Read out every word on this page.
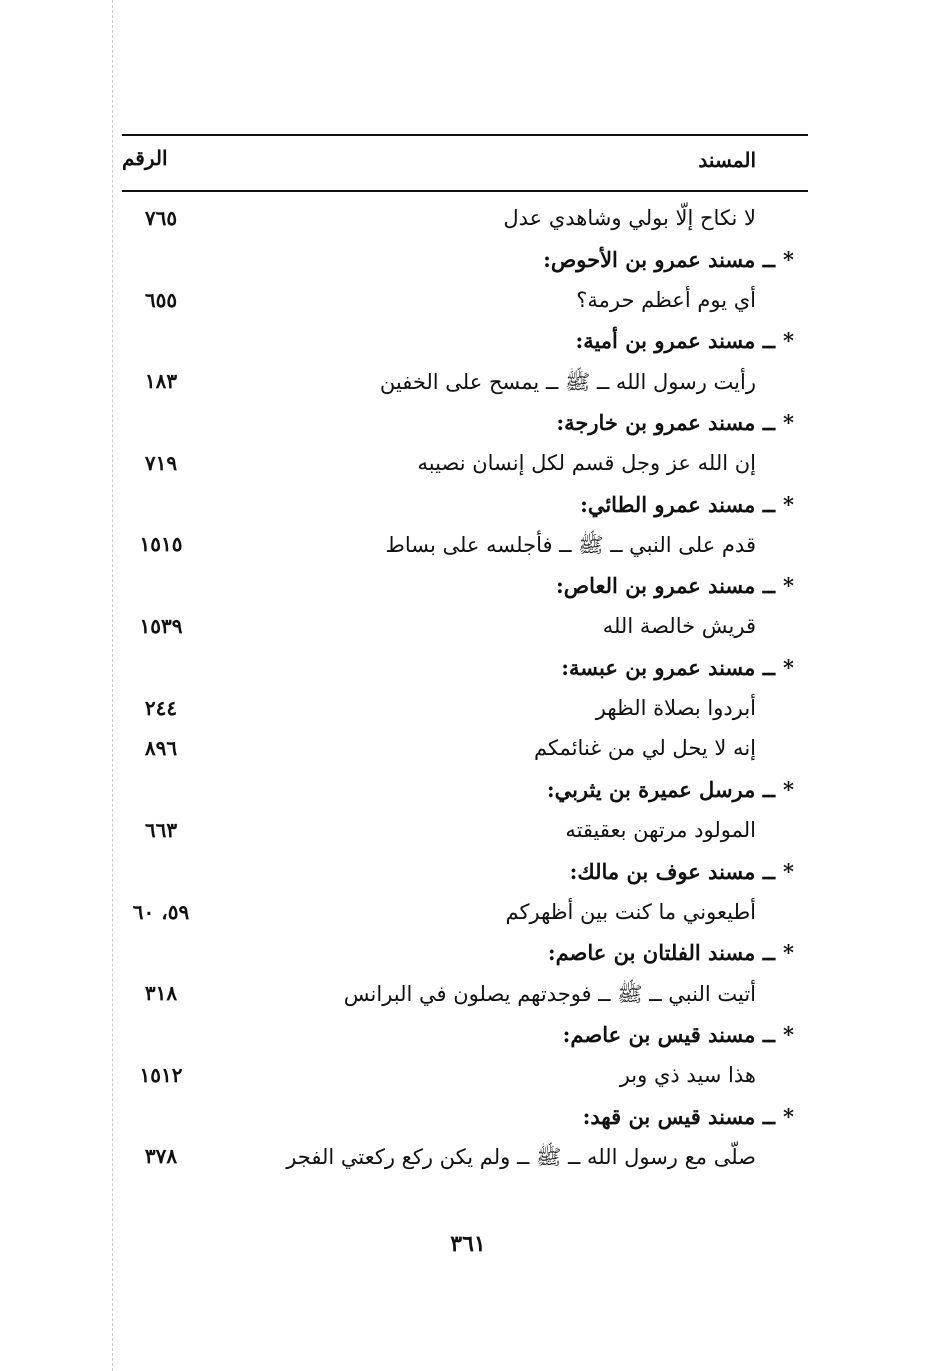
المسند
الرقم
لا نكاح إلّا بولي وشاهدي عدل
٧٦٥
*ــ مسند عمرو بن الأحوص:
أي يوم أعظم حرمة؟
٦٥٥
*ــ مسند عمرو بن أمية:
رأيت رسول الله ــ ﷺ ــ يمسح على الخفين
١٨٣
*ــ مسند عمرو بن خارجة:
إن الله عز وجل قسم لكل إنسان نصيبه
٧١٩
*ــ مسند عمرو الطائي:
قدم على النبي ــ ﷺ ــ فأجلسه على بساط
١٥١٥
*ــ مسند عمرو بن العاص:
قريش خالصة الله
١٥٣٩
*ــ مسند عمرو بن عبسة:
أبردوا بصلاة الظهر
٢٤٤
إنه لا يحل لي من غنائمكم
٨٩٦
*ــ مرسل عميرة بن يثربي:
المولود مرتهن بعقيقته
٦٦٣
*ــ مسند عوف بن مالك:
أطيعوني ما كنت بين أظهركم
٥٩، ٦٠
*ــ مسند الفلتان بن عاصم:
أتيت النبي ــ ﷺ ــ فوجدتهم يصلون في البرانس
٣١٨
*ــ مسند قيس بن عاصم:
هذا سيد ذي وبر
١٥١٢
*ــ مسند قيس بن قهد:
صلّى مع رسول الله ــ ﷺ ــ ولم يكن ركع ركعتي الفجر
٣٧٨
٣٦١
